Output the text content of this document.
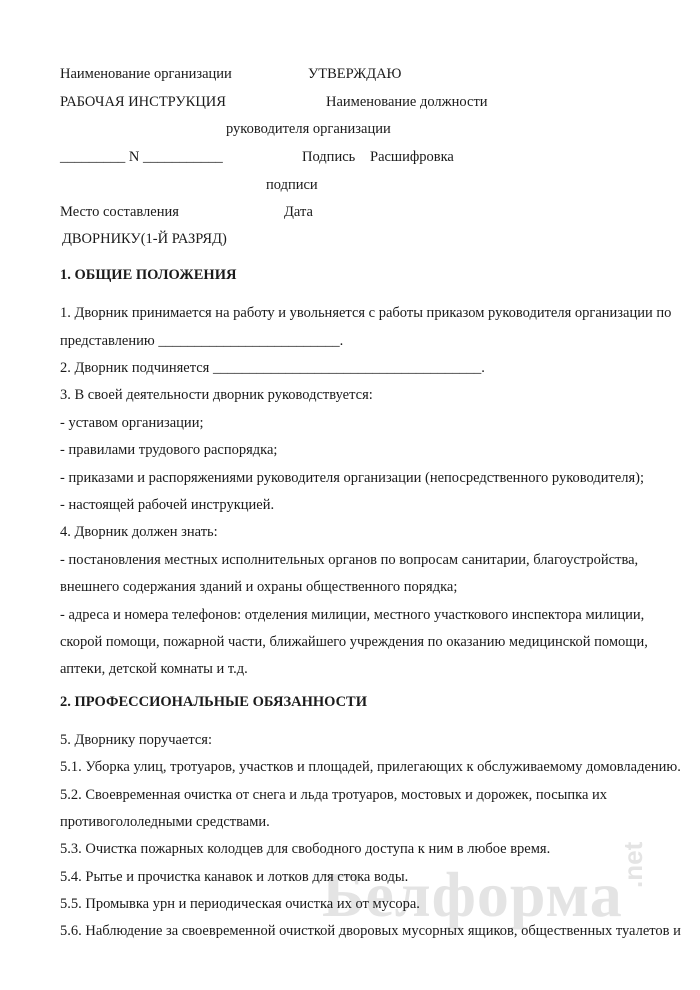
Белформа
.net
Наименование организации	УТВЕРЖДАЮ
РАБОЧАЯ ИНСТРУКЦИЯ	Наименование должности
руководителя организации
_________ N ___________	Подпись Расшифровка
подписи
Место составления	Дата
ДВОРНИКУ(1-Й РАЗРЯД)
1. ОБЩИЕ ПОЛОЖЕНИЯ
1. Дворник принимается на работу и увольняется с работы приказом руководителя организации по
представлению _________________________.
2. Дворник подчиняется _____________________________________.
3. В своей деятельности дворник руководствуется:
- уставом организации;
- правилами трудового распорядка;
- приказами и распоряжениями руководителя организации (непосредственного руководителя);
- настоящей рабочей инструкцией.
4. Дворник должен знать:
- постановления местных исполнительных органов по вопросам санитарии, благоустройства,
внешнего содержания зданий и охраны общественного порядка;
- адреса и номера телефонов: отделения милиции, местного участкового инспектора милиции,
скорой помощи, пожарной части, ближайшего учреждения по оказанию медицинской помощи,
аптеки, детской комнаты и т.д.
2. ПРОФЕССИОНАЛЬНЫЕ ОБЯЗАННОСТИ
5. Дворнику поручается:
5.1. Уборка улиц, тротуаров, участков и площадей, прилегающих к обслуживаемому домовладению.
5.2. Своевременная очистка от снега и льда тротуаров, мостовых и дорожек, посыпка их
противогололедными средствами.
5.3. Очистка пожарных колодцев для свободного доступа к ним в любое время.
5.4. Рытье и прочистка канавок и лотков для стока воды.
5.5. Промывка урн и периодическая очистка их от мусора.
5.6. Наблюдение за своевременной очисткой дворовых мусорных ящиков, общественных туалетов и
